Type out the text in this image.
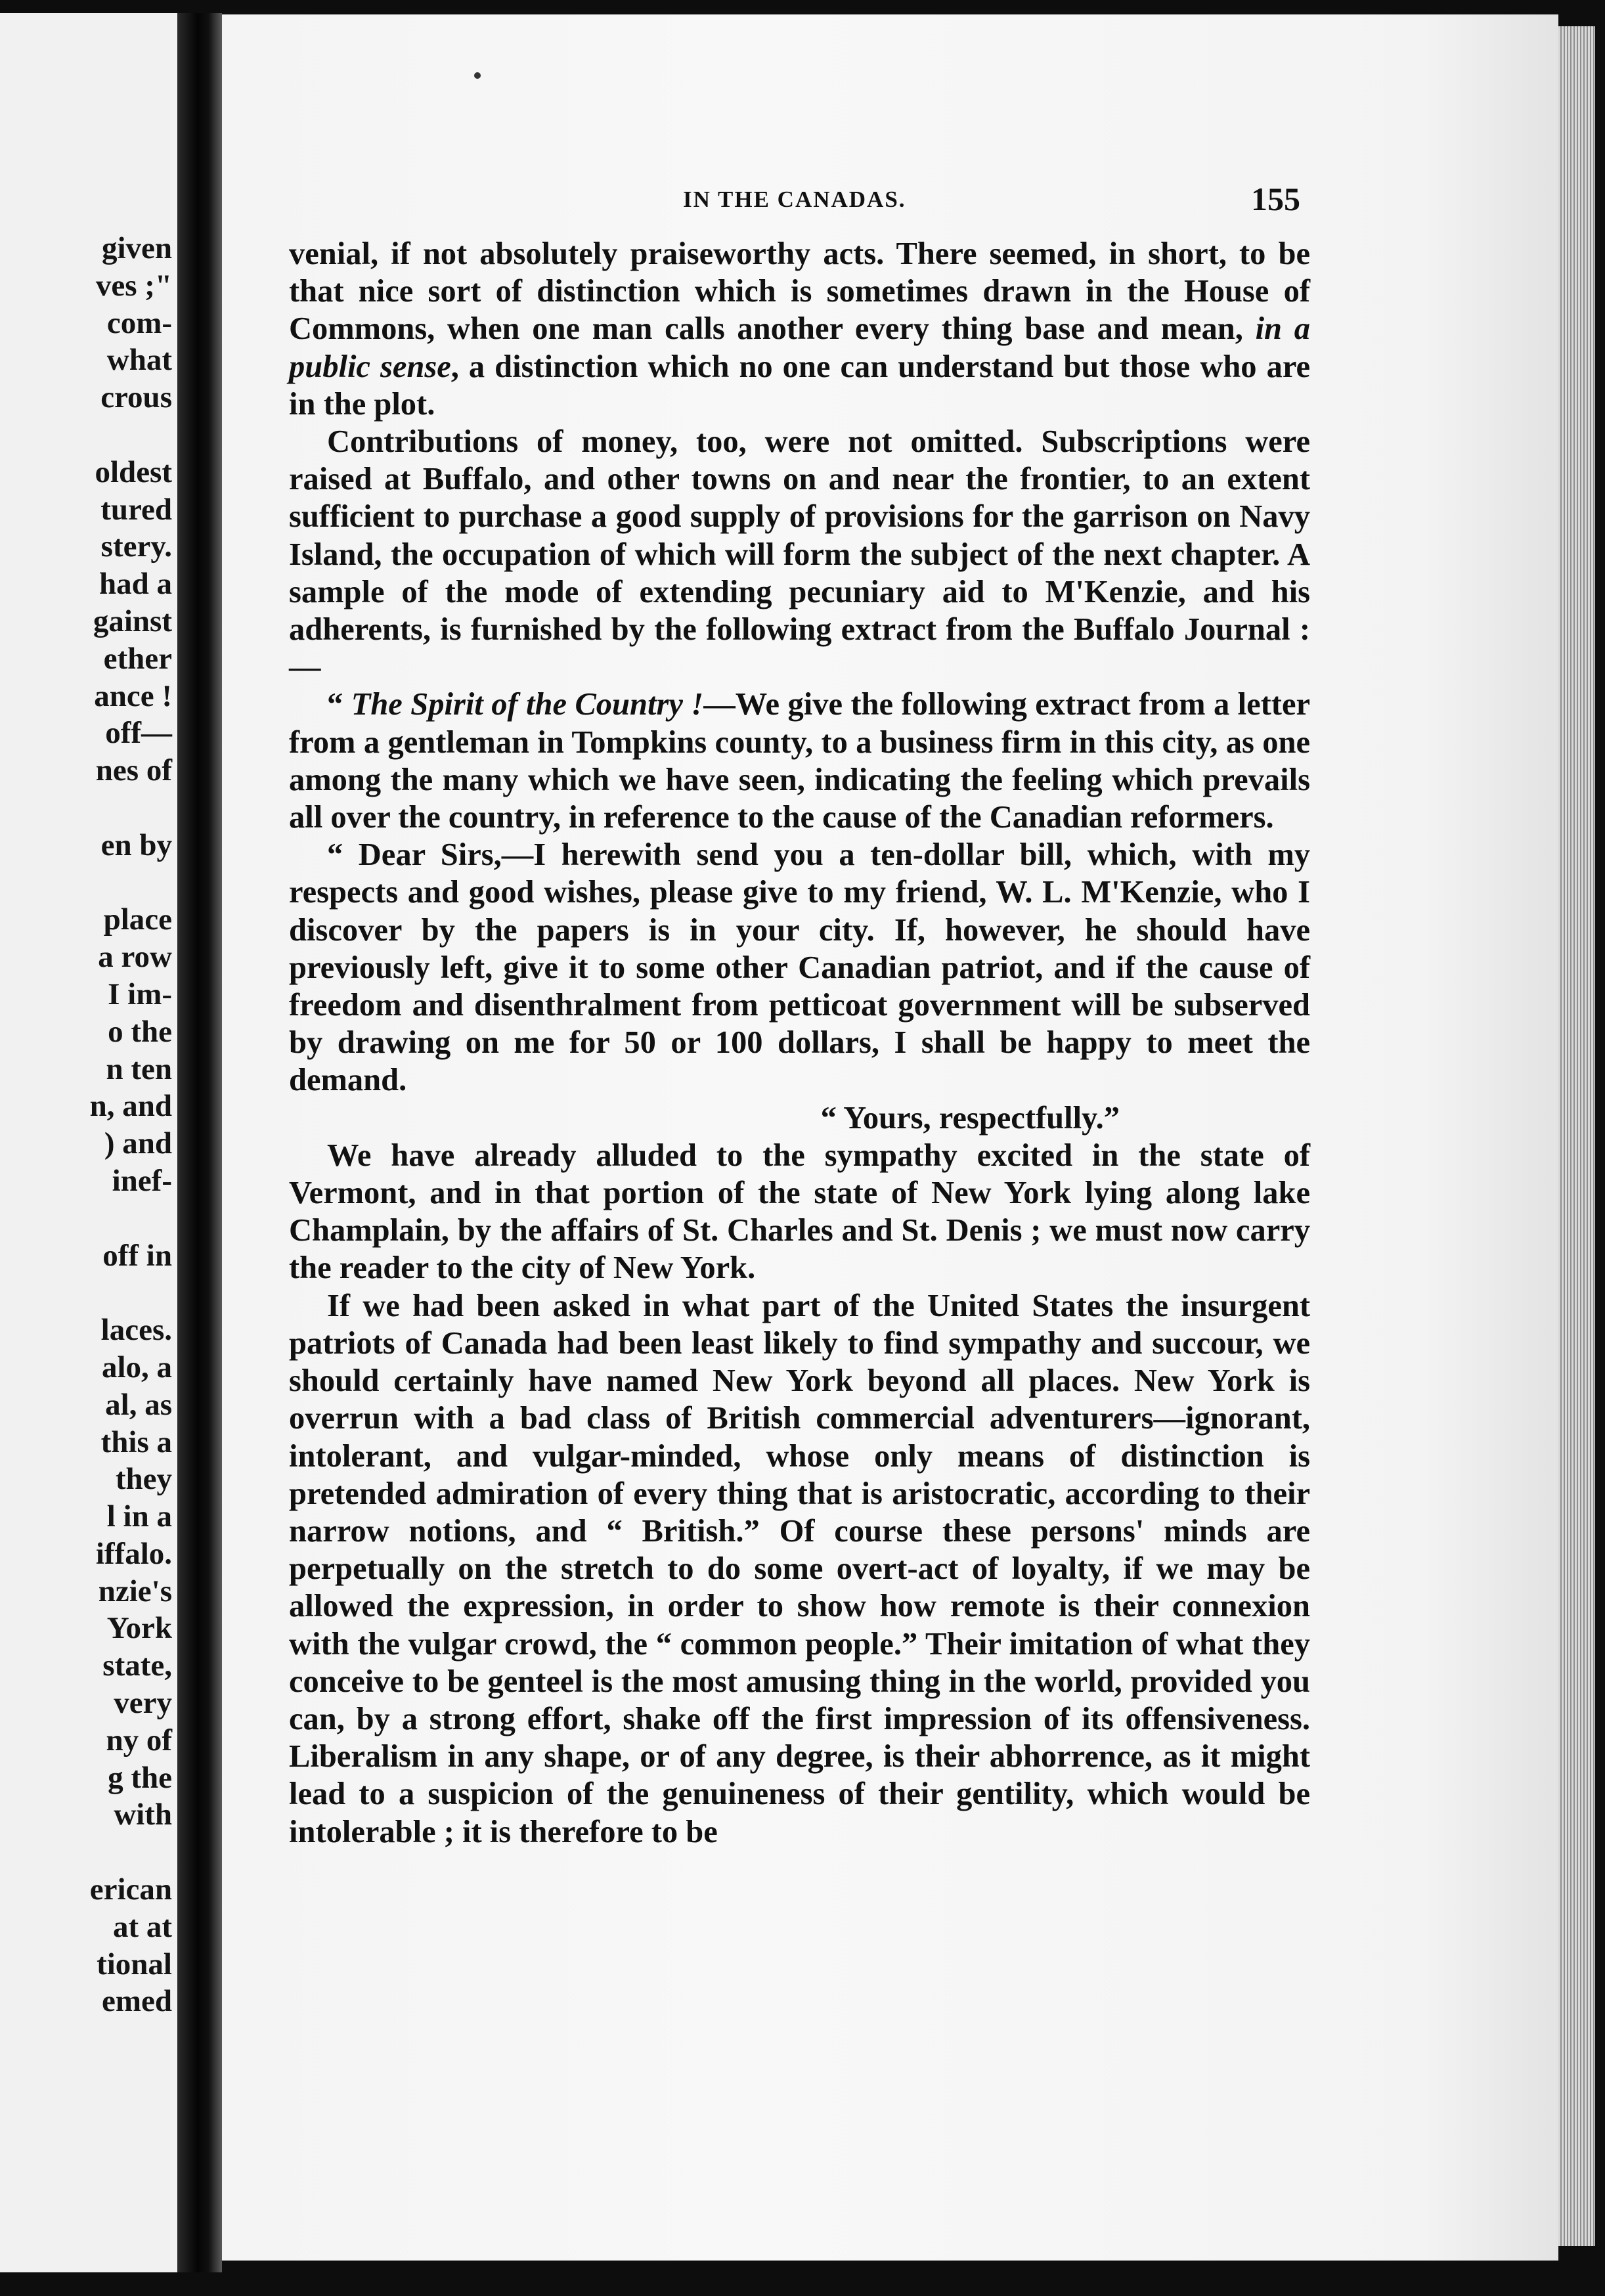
given
ves ;"
com-
what
crous
oldest
tured
stery.
had a
gainst
ether
ance !
off—
nes of
en by
place
a row
I im-
o the
n ten
n, and
) and
inef-
off in
laces.
alo, a
al, as
this a
they
l in a
iffalo.
nzie's
York
state,
very
ny of
g the
with
erican
at at
tional
emed
IN THE CANADAS.	155

venial, if not absolutely praiseworthy acts. There seemed, in short, to be that nice sort of distinction which is sometimes drawn in the House of Commons, when one man calls another every thing base and mean, in a public sense, a distinction which no one can understand but those who are in the plot.

Contributions of money, too, were not omitted. Subscriptions were raised at Buffalo, and other towns on and near the frontier, to an extent sufficient to purchase a good supply of provisions for the garrison on Navy Island, the occupation of which will form the subject of the next chapter. A sample of the mode of extending pecuniary aid to M'Kenzie, and his adherents, is furnished by the following extract from the Buffalo Journal :—

“ The Spirit of the Country !—We give the following extract from a letter from a gentleman in Tompkins county, to a business firm in this city, as one among the many which we have seen, indicating the feeling which prevails all over the country, in reference to the cause of the Canadian reformers.

“ Dear Sirs,—I herewith send you a ten-dollar bill, which, with my respects and good wishes, please give to my friend, W. L. M'Kenzie, who I discover by the papers is in your city. If, however, he should have previously left, give it to some other Canadian patriot, and if the cause of freedom and disenthralment from petticoat government will be subserved by drawing on me for 50 or 100 dollars, I shall be happy to meet the demand.

“ Yours, respectfully.”

We have already alluded to the sympathy excited in the state of Vermont, and in that portion of the state of New York lying along lake Champlain, by the affairs of St. Charles and St. Denis ; we must now carry the reader to the city of New York.

If we had been asked in what part of the United States the insurgent patriots of Canada had been least likely to find sympathy and succour, we should certainly have named New York beyond all places. New York is overrun with a bad class of British commercial adventurers—ignorant, intolerant, and vulgar-minded, whose only means of distinction is pretended admiration of every thing that is aristocratic, according to their narrow notions, and “ British.” Of course these persons' minds are perpetually on the stretch to do some overt-act of loyalty, if we may be allowed the expression, in order to show how remote is their connexion with the vulgar crowd, the “ common people.” Their imitation of what they conceive to be genteel is the most amusing thing in the world, provided you can, by a strong effort, shake off the first impression of its offensiveness. Liberalism in any shape, or of any degree, is their abhorrence, as it might lead to a suspicion of the genuineness of their gentility, which would be intolerable ; it is therefore to be
